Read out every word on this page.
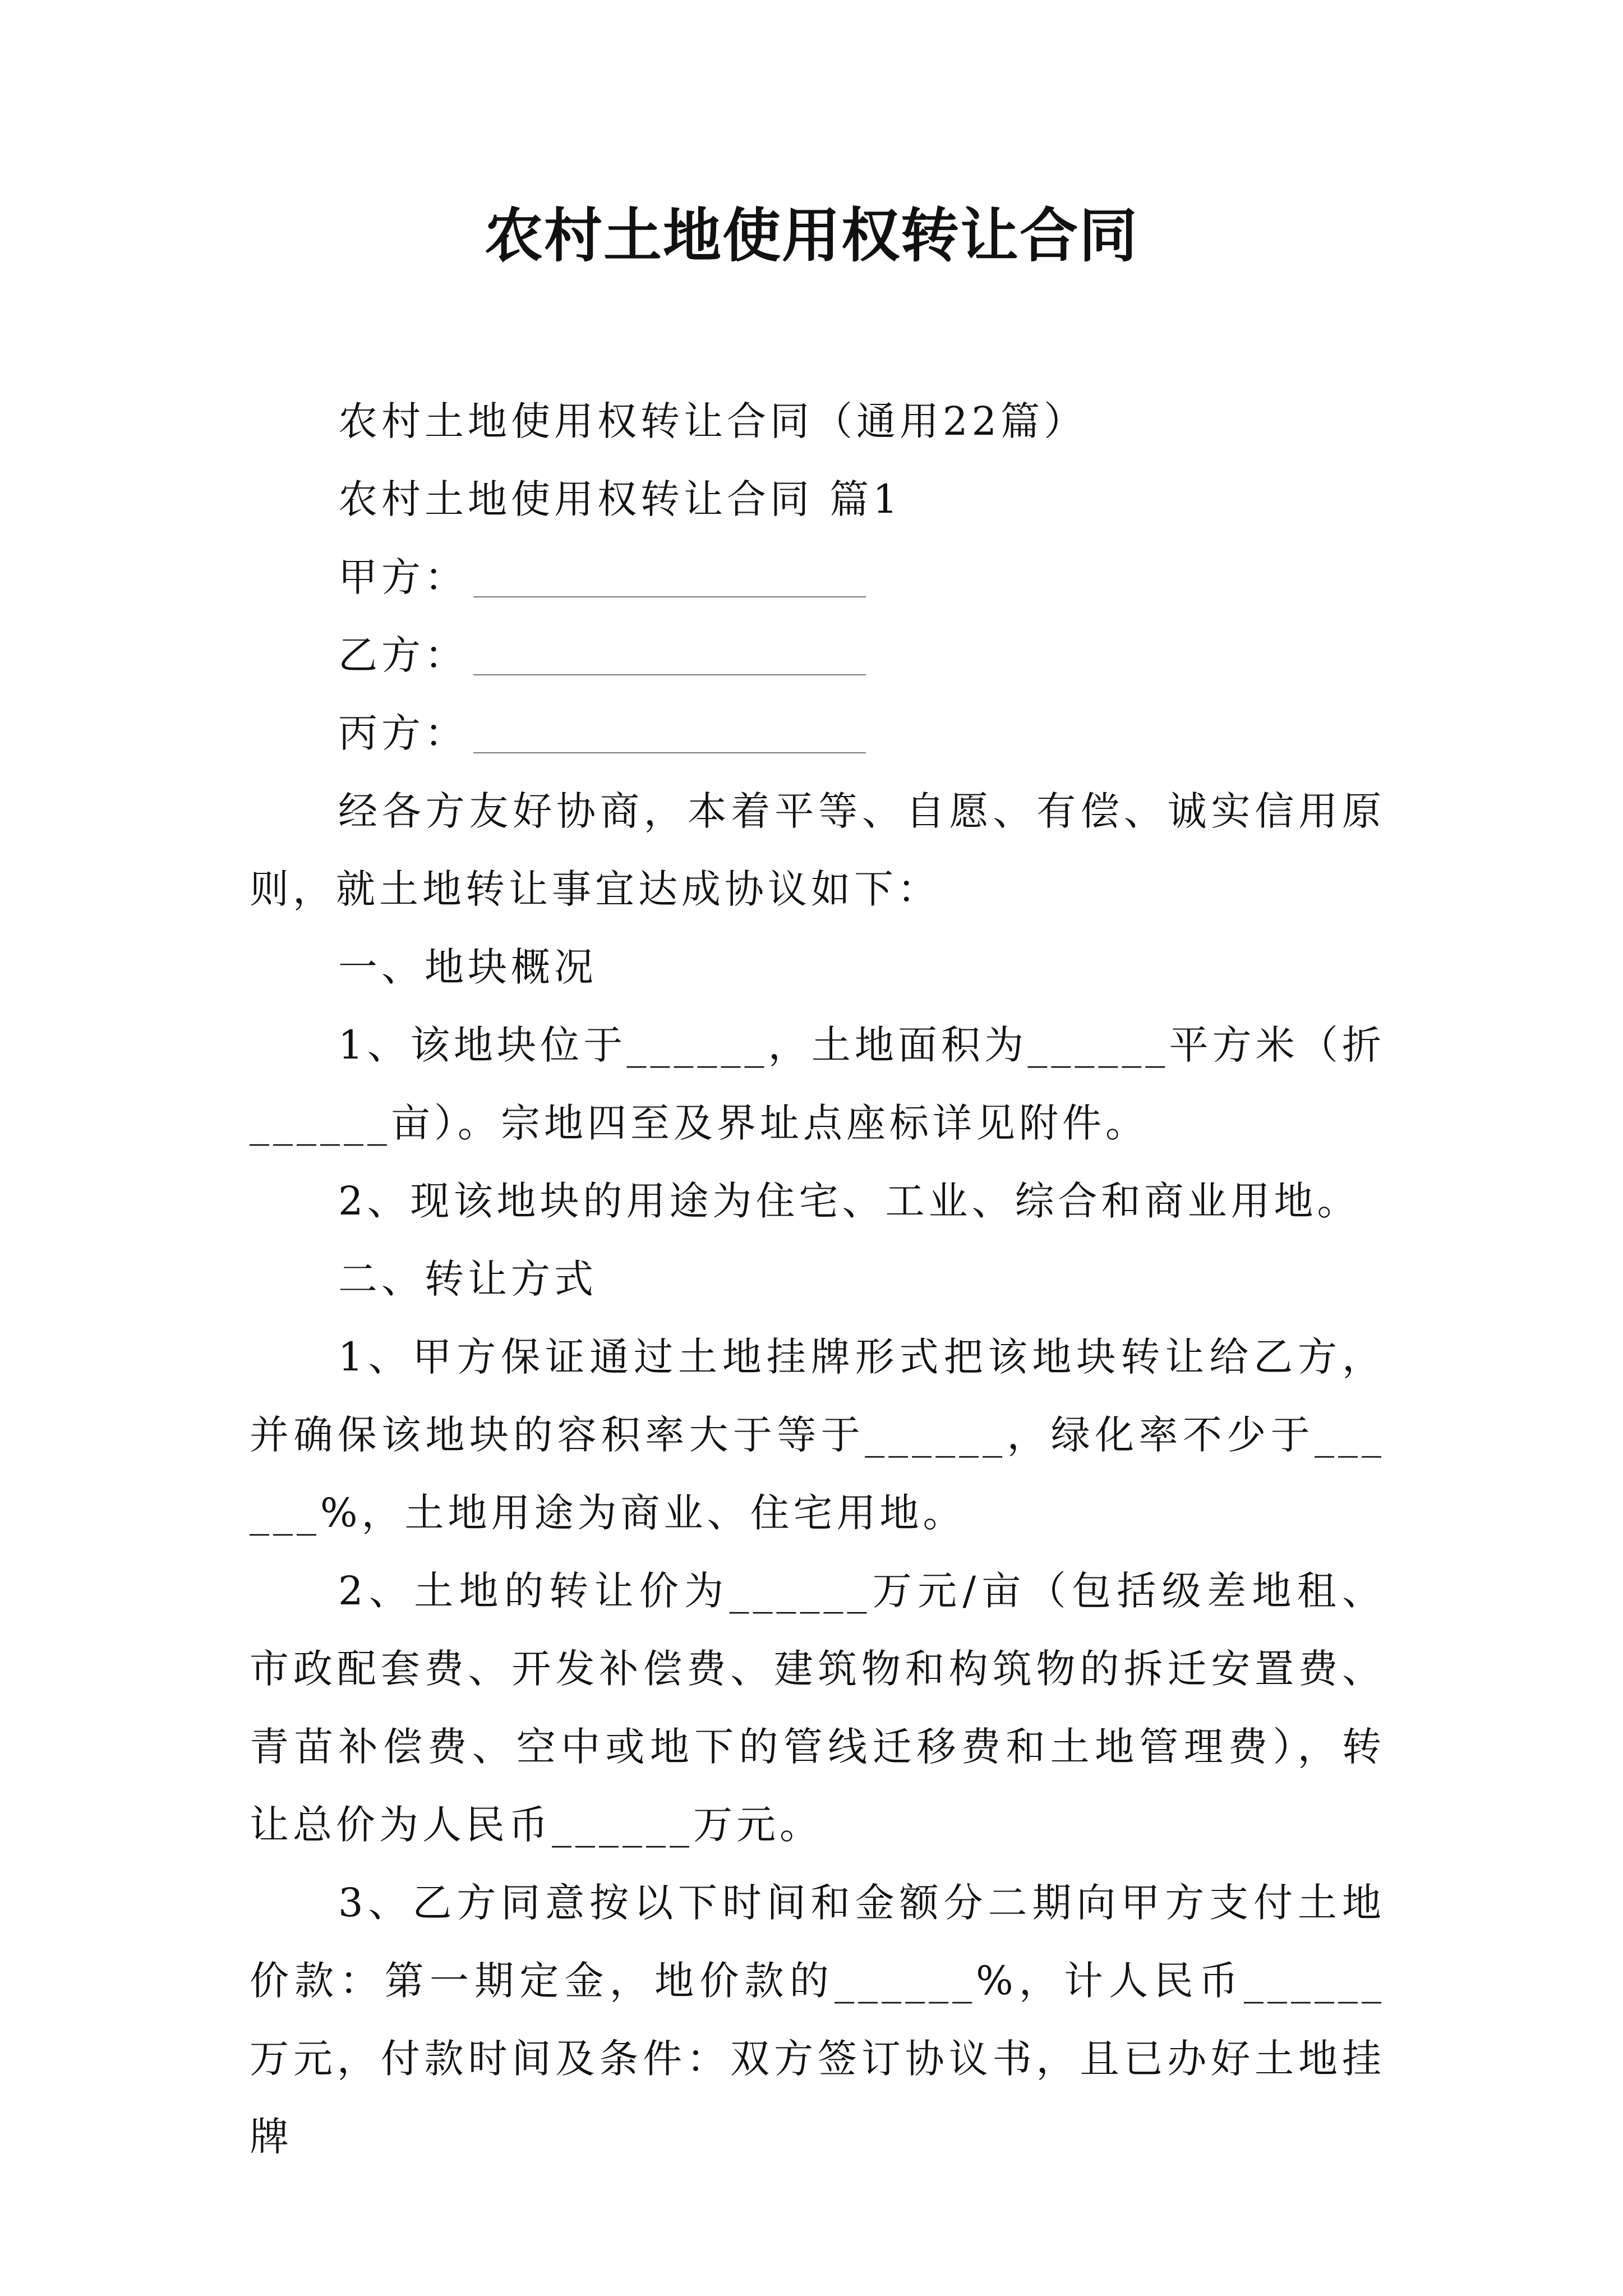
农村土地使用权转让合同

农村土地使用权转让合同（通用22篇）

农村土地使用权转让合同 篇1

甲方：

乙方：

丙方：

经各方友好协商，本着平等、自愿、有偿、诚实信用原则，就土地转让事宜达成协议如下：

一、地块概况

1、该地块位于______，土地面积为______平方米（折______亩）。宗地四至及界址点座标详见附件。

2、现该地块的用途为住宅、工业、综合和商业用地。

二、转让方式

1、甲方保证通过土地挂牌形式把该地块转让给乙方，并确保该地块的容积率大于等于______，绿化率不少于______%，土地用途为商业、住宅用地。

2、土地的转让价为______万元/亩（包括级差地租、市政配套费、开发补偿费、建筑物和构筑物的拆迁安置费、青苗补偿费、空中或地下的管线迁移费和土地管理费），转让总价为人民币______万元。

3、乙方同意按以下时间和金额分二期向甲方支付土地价款：第一期定金，地价款的______%，计人民币______万元，付款时间及条件：双方签订协议书，且已办好土地挂牌
